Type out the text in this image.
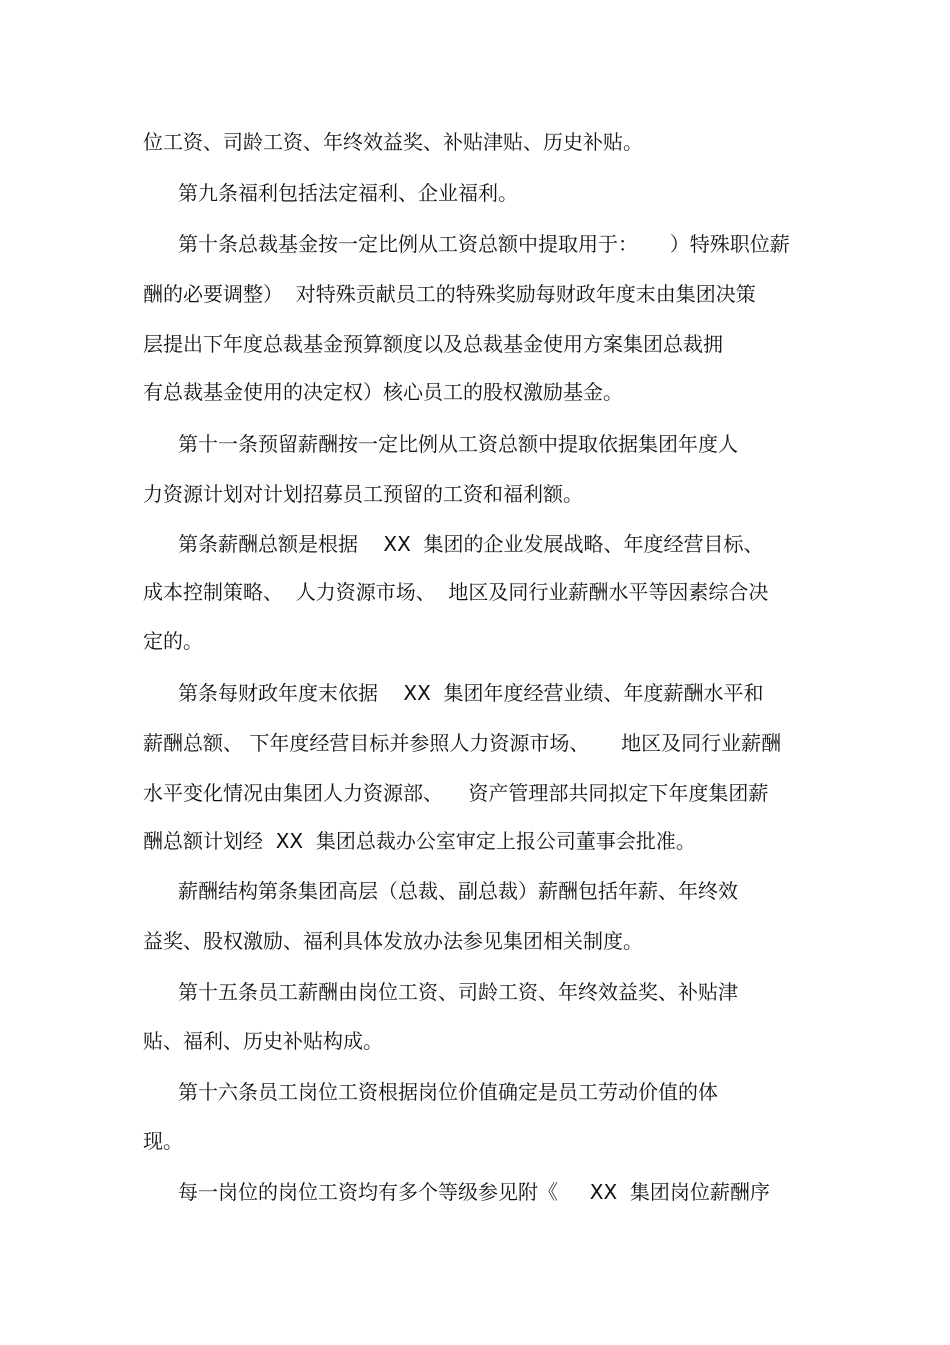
位工资、司龄工资、年终效益奖、补贴津贴、历史补贴。
第九条福利包括法定福利、企业福利。
第十条总裁基金按一定比例从工资总额中提取用于：     ）特殊职位薪
酬的必要调整）  对特殊贡献员工的特殊奖励每财政年度末由集团决策
层提出下年度总裁基金预算额度以及总裁基金使用方案集团总裁拥
有总裁基金使用的决定权）核心员工的股权激励基金。
第十一条预留薪酬按一定比例从工资总额中提取依据集团年度人
力资源计划对计划招募员工预留的工资和福利额。
第条薪酬总额是根据    XX  集团的企业发展战略、年度经营目标、
成本控制策略、  人力资源市场、  地区及同行业薪酬水平等因素综合决
定的。
第条每财政年度末依据    XX  集团年度经营业绩、年度薪酬水平和
薪酬总额、 下年度经营目标并参照人力资源市场、     地区及同行业薪酬
水平变化情况由集团人力资源部、    资产管理部共同拟定下年度集团薪
酬总额计划经  XX  集团总裁办公室审定上报公司董事会批准。
薪酬结构第条集团高层（总裁、副总裁）薪酬包括年薪、年终效
益奖、股权激励、福利具体发放办法参见集团相关制度。
第十五条员工薪酬由岗位工资、司龄工资、年终效益奖、补贴津
贴、福利、历史补贴构成。
第十六条员工岗位工资根据岗位价值确定是员工劳动价值的体
现。
每一岗位的岗位工资均有多个等级参见附《     XX  集团岗位薪酬序
